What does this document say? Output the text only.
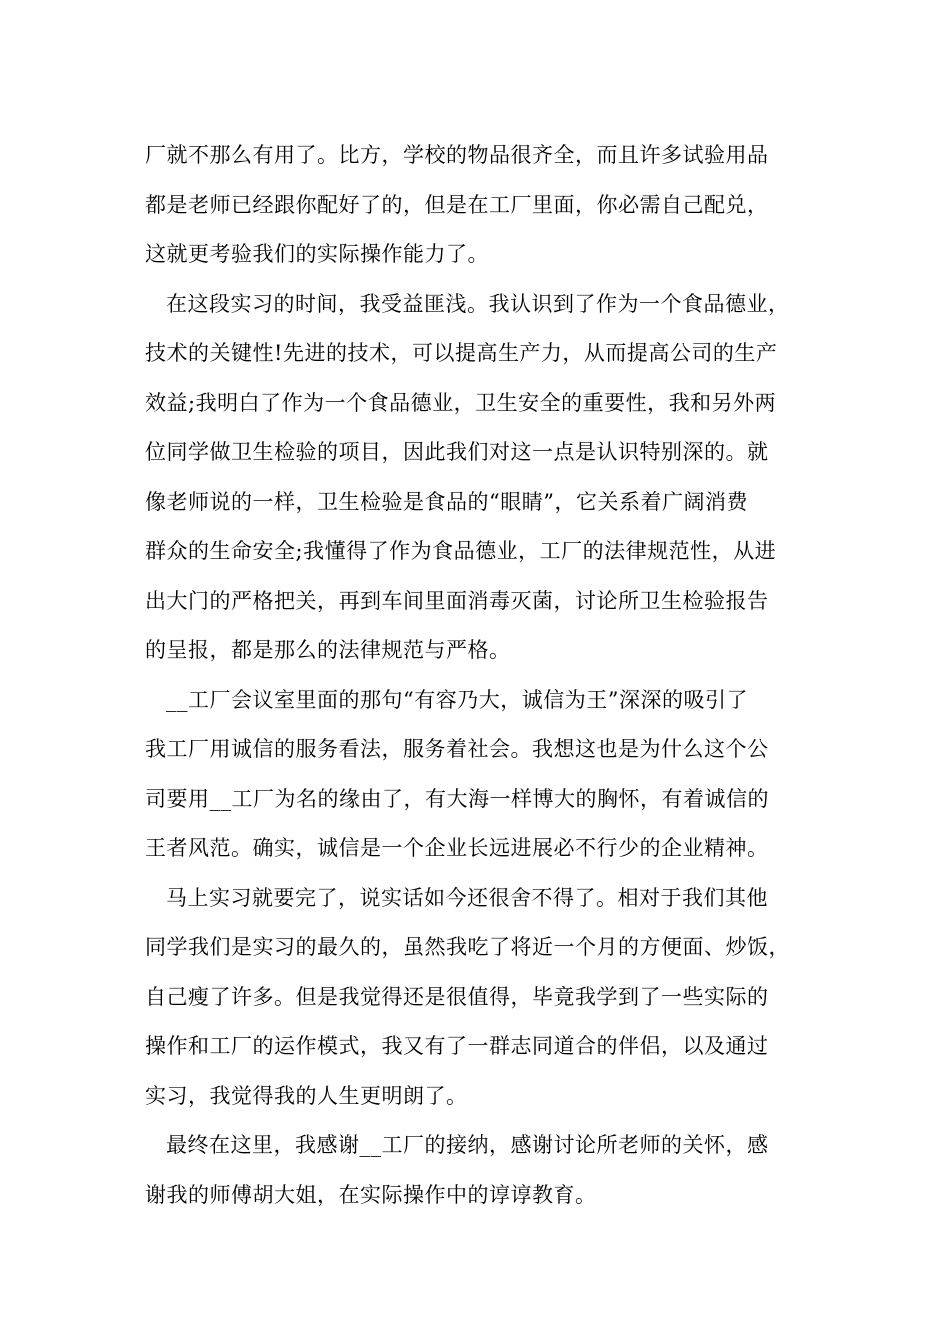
厂就不那么有用了。比方，学校的物品很齐全，而且许多试验用品
都是老师已经跟你配好了的，但是在工厂里面，你必需自己配兑，
这就更考验我们的实际操作能力了。
在这段实习的时间，我受益匪浅。我认识到了作为一个食品德业，
技术的关键性!先进的技术，可以提高生产力，从而提高公司的生产
效益;我明白了作为一个食品德业，卫生安全的重要性，我和另外两
位同学做卫生检验的项目，因此我们对这一点是认识特别深的。就
像老师说的一样，卫生检验是食品的“眼睛”，它关系着广阔消费
群众的生命安全;我懂得了作为食品德业，工厂的法律规范性，从进
出大门的严格把关，再到车间里面消毒灭菌，讨论所卫生检验报告
的呈报，都是那么的法律规范与严格。
__工厂会议室里面的那句“有容乃大，诚信为王”深深的吸引了
我工厂用诚信的服务看法，服务着社会。我想这也是为什么这个公
司要用__工厂为名的缘由了，有大海一样博大的胸怀，有着诚信的
王者风范。确实，诚信是一个企业长远进展必不行少的企业精神。
马上实习就要完了，说实话如今还很舍不得了。相对于我们其他
同学我们是实习的最久的，虽然我吃了将近一个月的方便面、炒饭，
自己瘦了许多。但是我觉得还是很值得，毕竟我学到了一些实际的
操作和工厂的运作模式，我又有了一群志同道合的伴侣，以及通过
实习，我觉得我的人生更明朗了。
最终在这里，我感谢__工厂的接纳，感谢讨论所老师的关怀，感
谢我的师傅胡大姐，在实际操作中的谆谆教育。
